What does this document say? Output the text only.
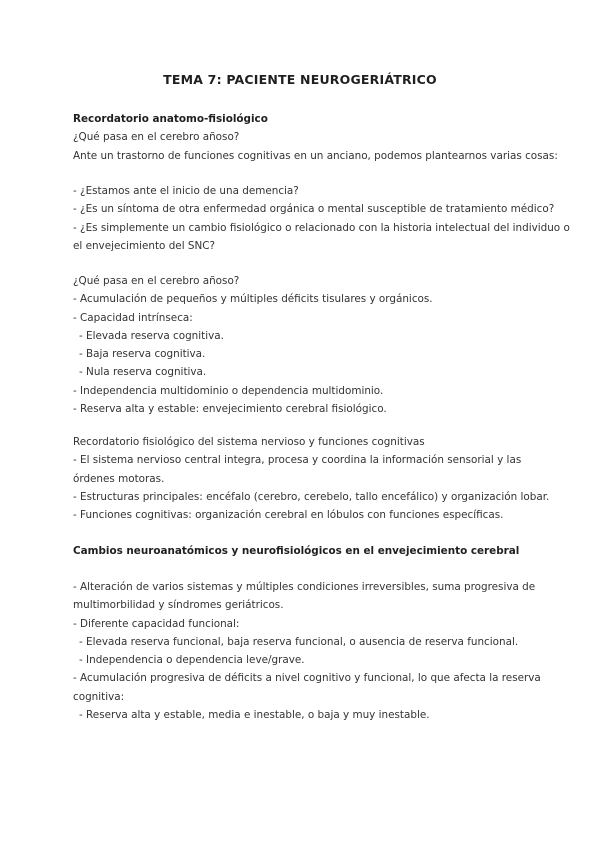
TEMA 7: PACIENTE NEUROGERIÁTRICO
Recordatorio anatomo-fisiológico
¿Qué pasa en el cerebro añoso?
Ante un trastorno de funciones cognitivas en un anciano, podemos plantearnos varias cosas:
- ¿Estamos ante el inicio de una demencia?
- ¿Es un síntoma de otra enfermedad orgánica o mental susceptible de tratamiento médico?
- ¿Es simplemente un cambio fisiológico o relacionado con la historia intelectual del individuo o
el envejecimiento del SNC?
¿Qué pasa en el cerebro añoso?
- Acumulación de pequeños y múltiples déficits tisulares y orgánicos.
- Capacidad intrínseca:
- Elevada reserva cognitiva.
- Baja reserva cognitiva.
- Nula reserva cognitiva.
- Independencia multidominio o dependencia multidominio.
- Reserva alta y estable: envejecimiento cerebral fisiológico.
Recordatorio fisiológico del sistema nervioso y funciones cognitivas
- El sistema nervioso central integra, procesa y coordina la información sensorial y las
órdenes motoras.
- Estructuras principales: encéfalo (cerebro, cerebelo, tallo encefálico) y organización lobar.
- Funciones cognitivas: organización cerebral en lóbulos con funciones específicas.
Cambios neuroanatómicos y neurofisiológicos en el envejecimiento cerebral
- Alteración de varios sistemas y múltiples condiciones irreversibles, suma progresiva de
multimorbilidad y síndromes geriátricos.
- Diferente capacidad funcional:
- Elevada reserva funcional, baja reserva funcional, o ausencia de reserva funcional.
- Independencia o dependencia leve/grave.
- Acumulación progresiva de déficits a nivel cognitivo y funcional, lo que afecta la reserva
cognitiva:
- Reserva alta y estable, media e inestable, o baja y muy inestable.
